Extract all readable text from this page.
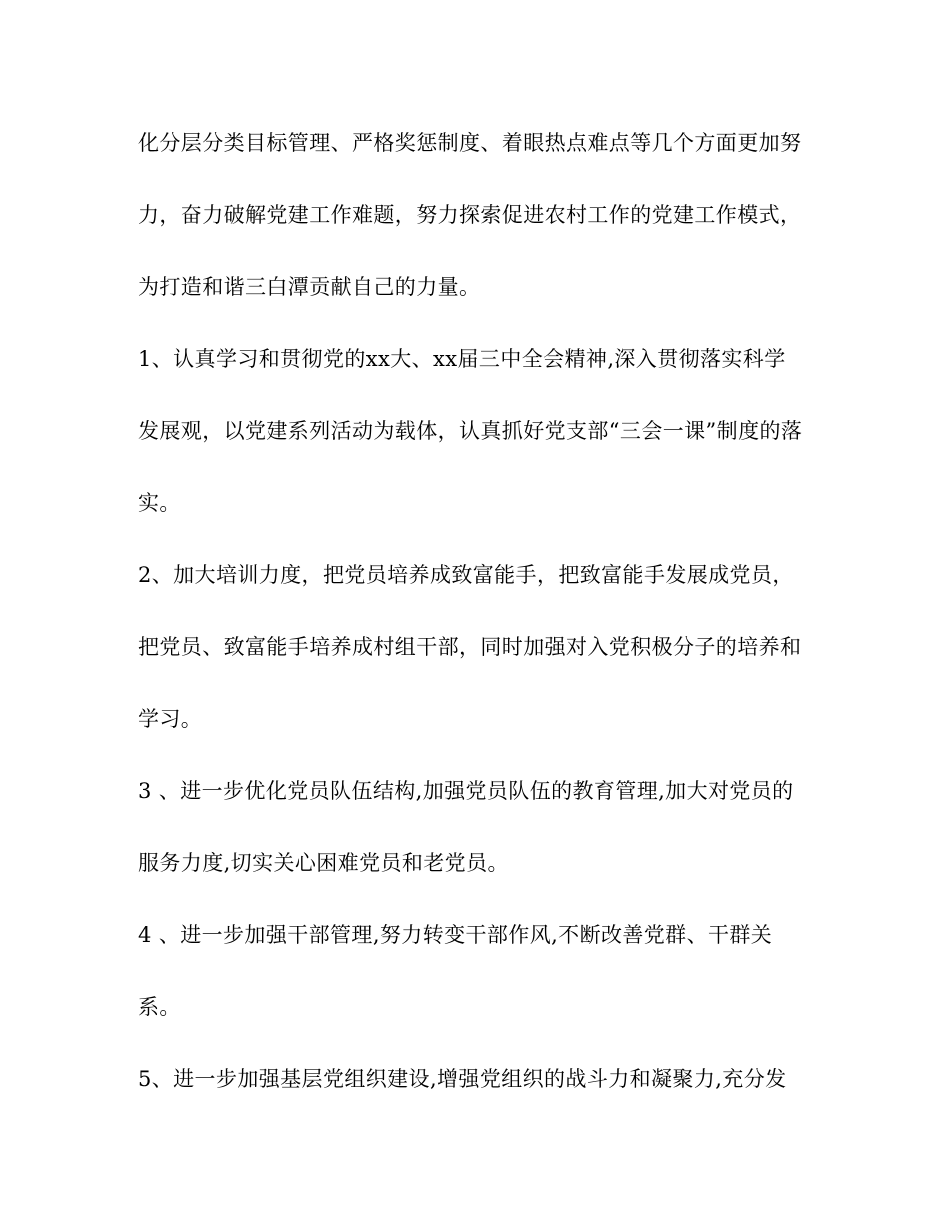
化分层分类目标管理、严格奖惩制度、着眼热点难点等几个方面更加努

力，奋力破解党建工作难题，努力探索促进农村工作的党建工作模式，

为打造和谐三白潭贡献自己的力量。

1、认真学习和贯彻党的xx大、xx届三中全会精神,深入贯彻落实科学

发展观，以党建系列活动为载体，认真抓好党支部“三会一课”制度的落

实。

2、加大培训力度，把党员培养成致富能手，把致富能手发展成党员，

把党员、致富能手培养成村组干部，同时加强对入党积极分子的培养和

学习。

3 、进一步优化党员队伍结构,加强党员队伍的教育管理,加大对党员的

服务力度,切实关心困难党员和老党员。

4 、进一步加强干部管理,努力转变干部作风,不断改善党群、干群关

系。

5、进一步加强基层党组织建设,增强党组织的战斗力和凝聚力,充分发
